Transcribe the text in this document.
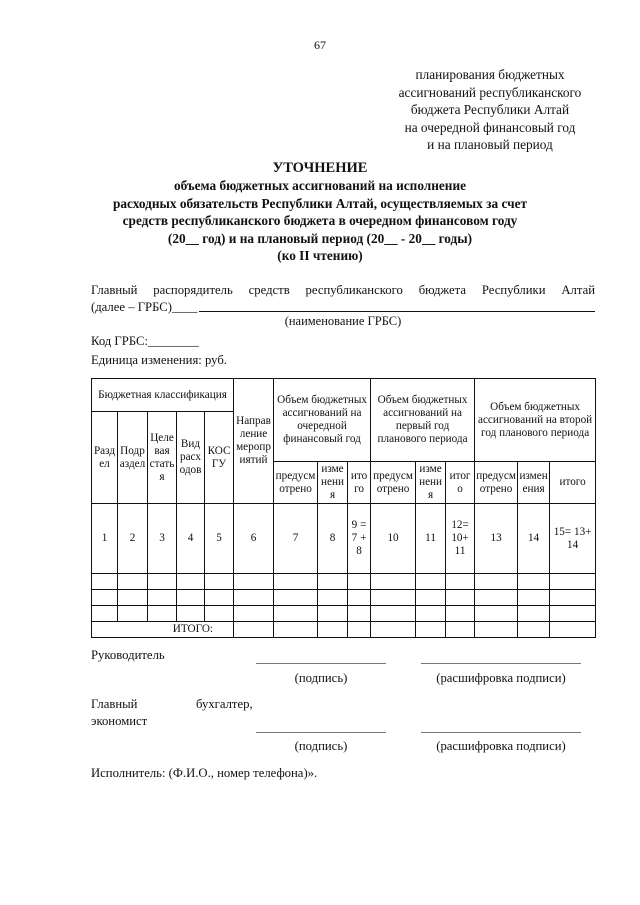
67
планирования бюджетных
ассигнований республиканского
бюджета Республики Алтай
на очередной финансовый год
и на плановый период
УТОЧНЕНИЕ
объема бюджетных ассигнований на исполнение
расходных обязательств Республики Алтай, осуществляемых за счет
средств республиканского бюджета в очередном финансовом году
(20__ год) и на плановый период (20__ - 20__ годы)
(ко II чтению)
Главный распорядитель средств республиканского бюджета Республики Алтай
(далее – ГРБС)____
(наименование ГРБС)
Код ГРБС:________
Единица изменения: руб.
Бюджетная классификация					Направление мероприятий	Объем бюджетных ассигнований на очередной финансовый год			Объем бюджетных ассигнований на первый год планового периода			Объем бюджетных ассигнований на второй год планового периода		
Раздел	Подраздел	Целевая статья	Вид расходов	КОСГУ										
						предусмотрено	изменения	итого	предусмотрено	изменения	итого	предусмотрено	изменения	итого
1	2	3	4	5	6	7	8	9 = 7 + 8	10	11	12= 10+ 11	13	14	15= 13+ 14

ИТОГО:														
Руководитель
(подпись)	(расшифровка подписи)
Главный	бухгалтер,
экономист
(подпись)	(расшифровка подписи)
Исполнитель: (Ф.И.О., номер телефона)».
